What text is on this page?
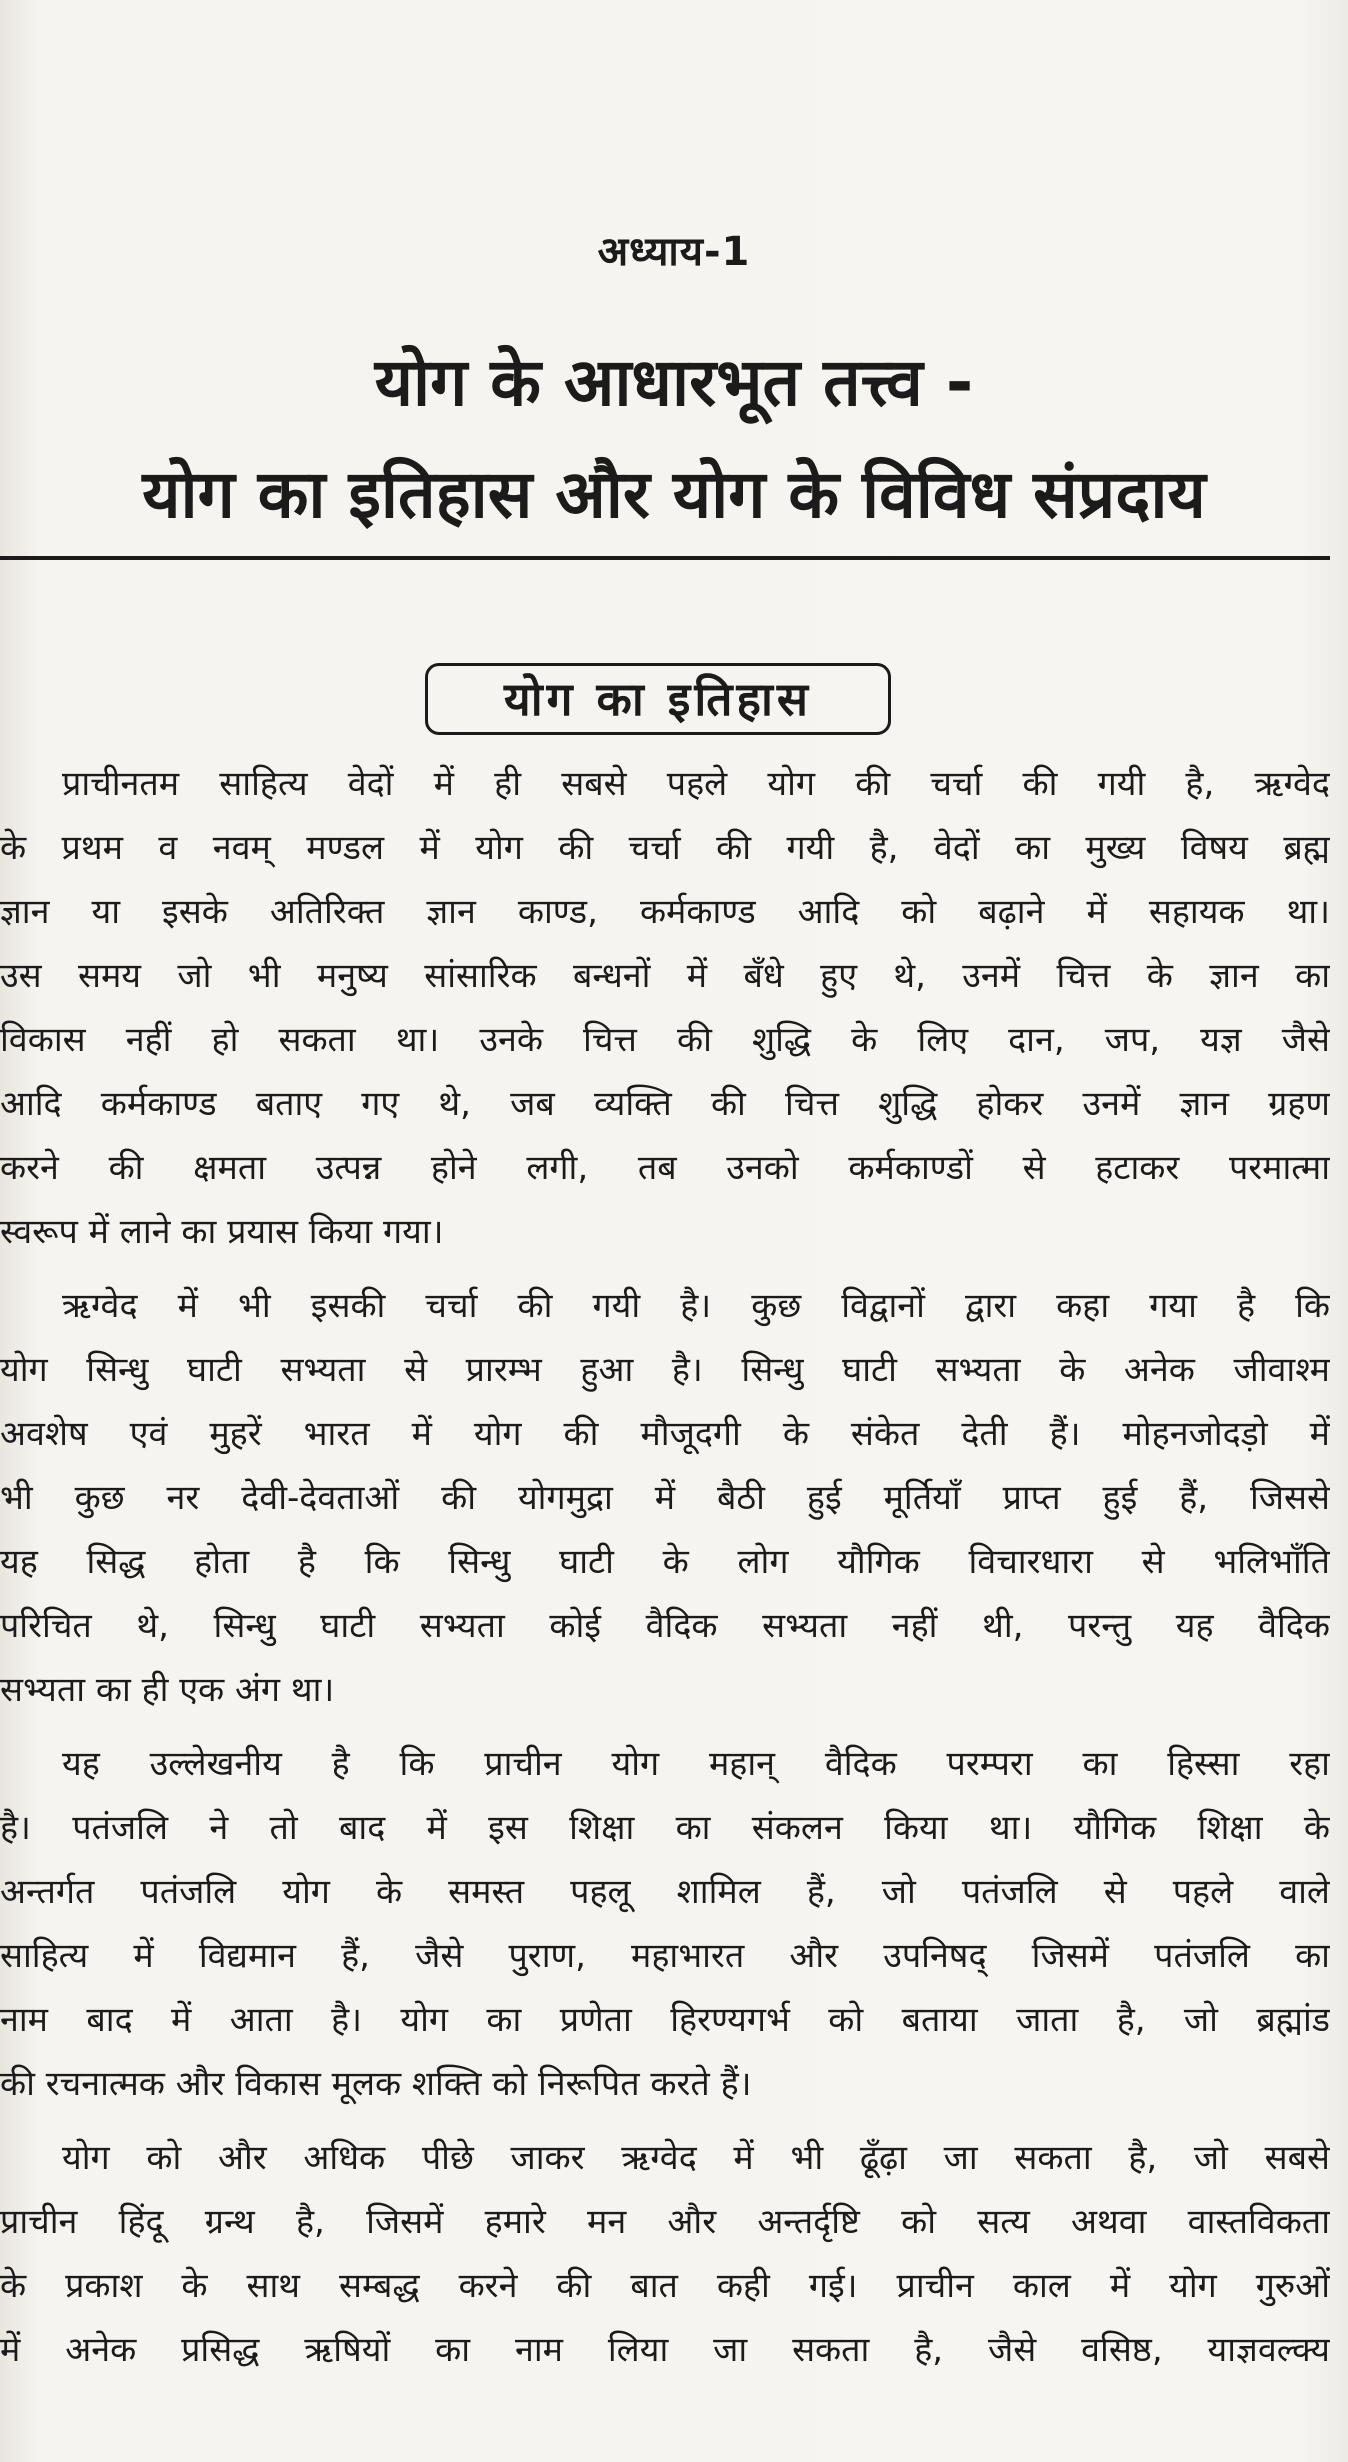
अध्याय-1
योग के आधारभूत तत्त्व -
योग का इतिहास और योग के विविध संप्रदाय
योग का इतिहास
प्राचीनतम साहित्य वेदों में ही सबसे पहले योग की चर्चा की गयी है, ऋग्वेद
के प्रथम व नवम् मण्डल में योग की चर्चा की गयी है, वेदों का मुख्य विषय ब्रह्म
ज्ञान या इसके अतिरिक्त ज्ञान काण्ड, कर्मकाण्ड आदि को बढ़ाने में सहायक था।
उस समय जो भी मनुष्य सांसारिक बन्धनों में बँधे हुए थे, उनमें चित्त के ज्ञान का
विकास नहीं हो सकता था। उनके चित्त की शुद्धि के लिए दान, जप, यज्ञ जैसे
आदि कर्मकाण्ड बताए गए थे, जब व्यक्ति की चित्त शुद्धि होकर उनमें ज्ञान ग्रहण
करने की क्षमता उत्पन्न होने लगी, तब उनको कर्मकाण्डों से हटाकर परमात्मा
स्वरूप में लाने का प्रयास किया गया।
ऋग्वेद में भी इसकी चर्चा की गयी है। कुछ विद्वानों द्वारा कहा गया है कि
योग सिन्धु घाटी सभ्यता से प्रारम्भ हुआ है। सिन्धु घाटी सभ्यता के अनेक जीवाश्म
अवशेष एवं मुहरें भारत में योग की मौजूदगी के संकेत देती हैं। मोहनजोदड़ो में
भी कुछ नर देवी-देवताओं की योगमुद्रा में बैठी हुई मूर्तियाँ प्राप्त हुई हैं, जिससे
यह सिद्ध होता है कि सिन्धु घाटी के लोग यौगिक विचारधारा से भलिभाँति
परिचित थे, सिन्धु घाटी सभ्यता कोई वैदिक सभ्यता नहीं थी, परन्तु यह वैदिक
सभ्यता का ही एक अंग था।
यह उल्लेखनीय है कि प्राचीन योग महान् वैदिक परम्परा का हिस्सा रहा
है। पतंजलि ने तो बाद में इस शिक्षा का संकलन किया था। यौगिक शिक्षा के
अन्तर्गत पतंजलि योग के समस्त पहलू शामिल हैं, जो पतंजलि से पहले वाले
साहित्य में विद्यमान हैं, जैसे पुराण, महाभारत और उपनिषद् जिसमें पतंजलि का
नाम बाद में आता है। योग का प्रणेता हिरण्यगर्भ को बताया जाता है, जो ब्रह्मांड
की रचनात्मक और विकास मूलक शक्ति को निरूपित करते हैं।
योग को और अधिक पीछे जाकर ऋग्वेद में भी ढूँढ़ा जा सकता है, जो सबसे
प्राचीन हिंदू ग्रन्थ है, जिसमें हमारे मन और अन्तर्दृष्टि को सत्य अथवा वास्तविकता
के प्रकाश के साथ सम्बद्ध करने की बात कही गई। प्राचीन काल में योग गुरुओं
में अनेक प्रसिद्ध ऋषियों का नाम लिया जा सकता है, जैसे वसिष्ठ, याज्ञवल्क्य
